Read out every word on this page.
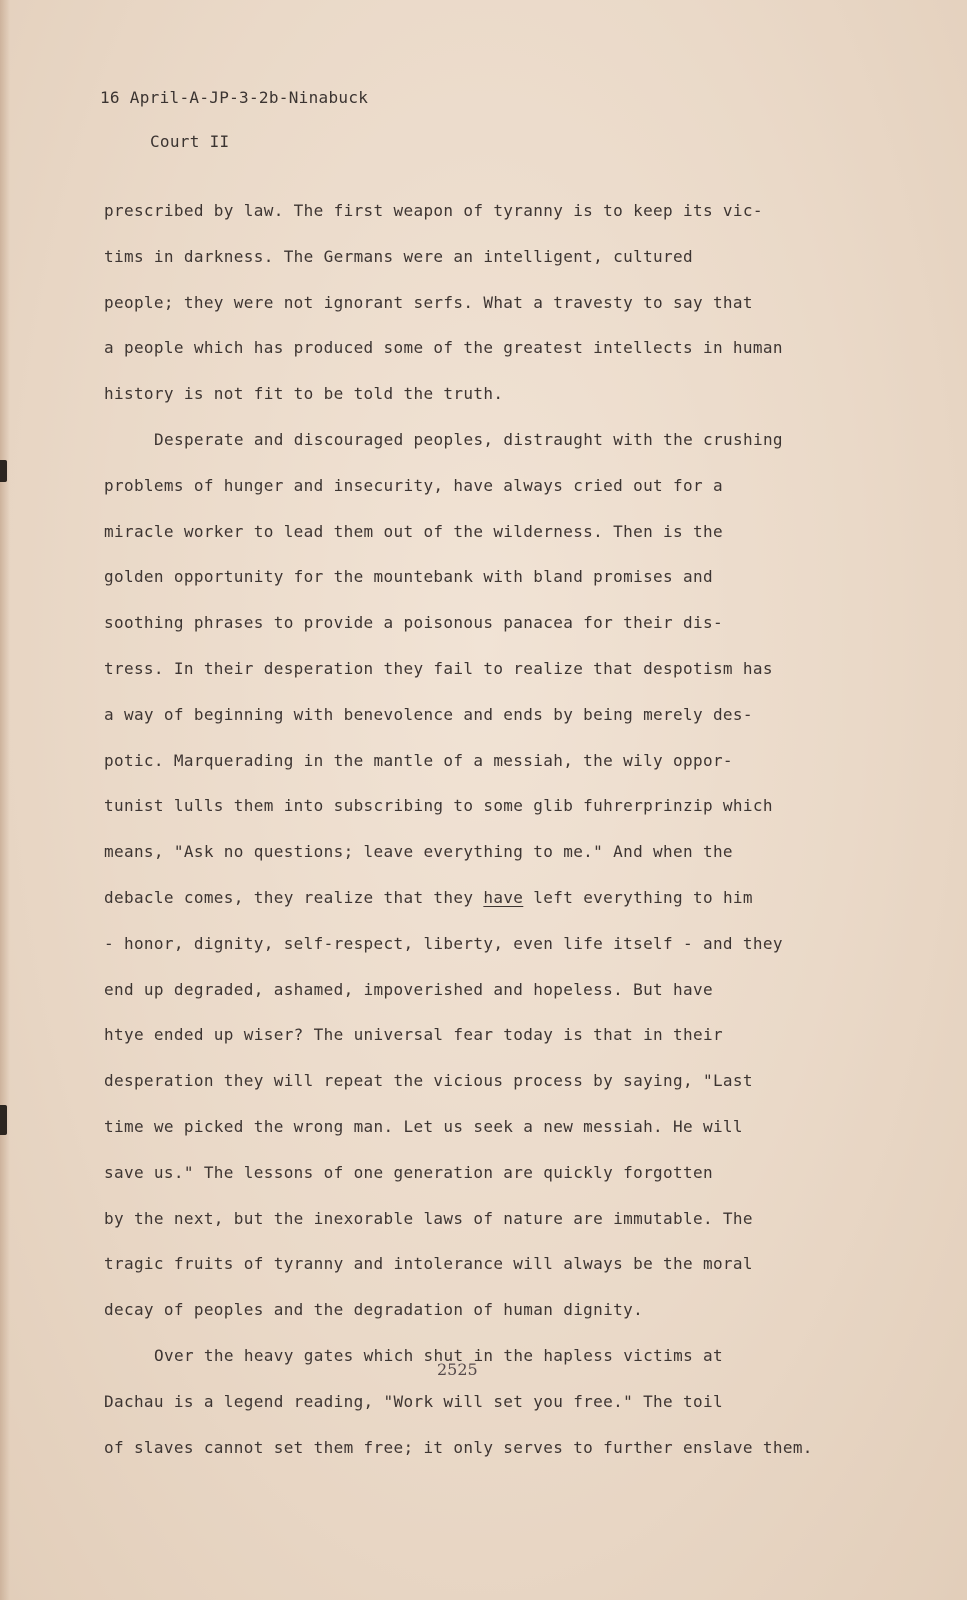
16 April-A-JP-3-2b-Ninabuck
Court II
prescribed by law. The first weapon of tyranny is to keep its vic-
tims in darkness. The Germans were an intelligent, cultured
people; they were not ignorant serfs. What a travesty to say that
a people which has produced some of the greatest intellects in human
history is not fit to be told the truth.
Desperate and discouraged peoples, distraught with the crushing
problems of hunger and insecurity, have always cried out for a
miracle worker to lead them out of the wilderness. Then is the
golden opportunity for the mountebank with bland promises and
soothing phrases to provide a poisonous panacea for their dis-
tress. In their desperation they fail to realize that despotism has
a way of beginning with benevolence and ends by being merely des-
potic. Marquerading in the mantle of a messiah, the wily oppor-
tunist lulls them into subscribing to some glib fuhrerprinzip which
means, "Ask no questions; leave everything to me." And when the
debacle comes, they realize that they have left everything to him
- honor, dignity, self-respect, liberty, even life itself - and they
end up degraded, ashamed, impoverished and hopeless. But have
htye ended up wiser? The universal fear today is that in their
desperation they will repeat the vicious process by saying, "Last
time we picked the wrong man. Let us seek a new messiah. He will
save us." The lessons of one generation are quickly forgotten
by the next, but the inexorable laws of nature are immutable. The
tragic fruits of tyranny and intolerance will always be the moral
decay of peoples and the degradation of human dignity.
Over the heavy gates which shut in the hapless victims at
Dachau is a legend reading, "Work will set you free." The toil
of slaves cannot set them free; it only serves to further enslave them.
2525
